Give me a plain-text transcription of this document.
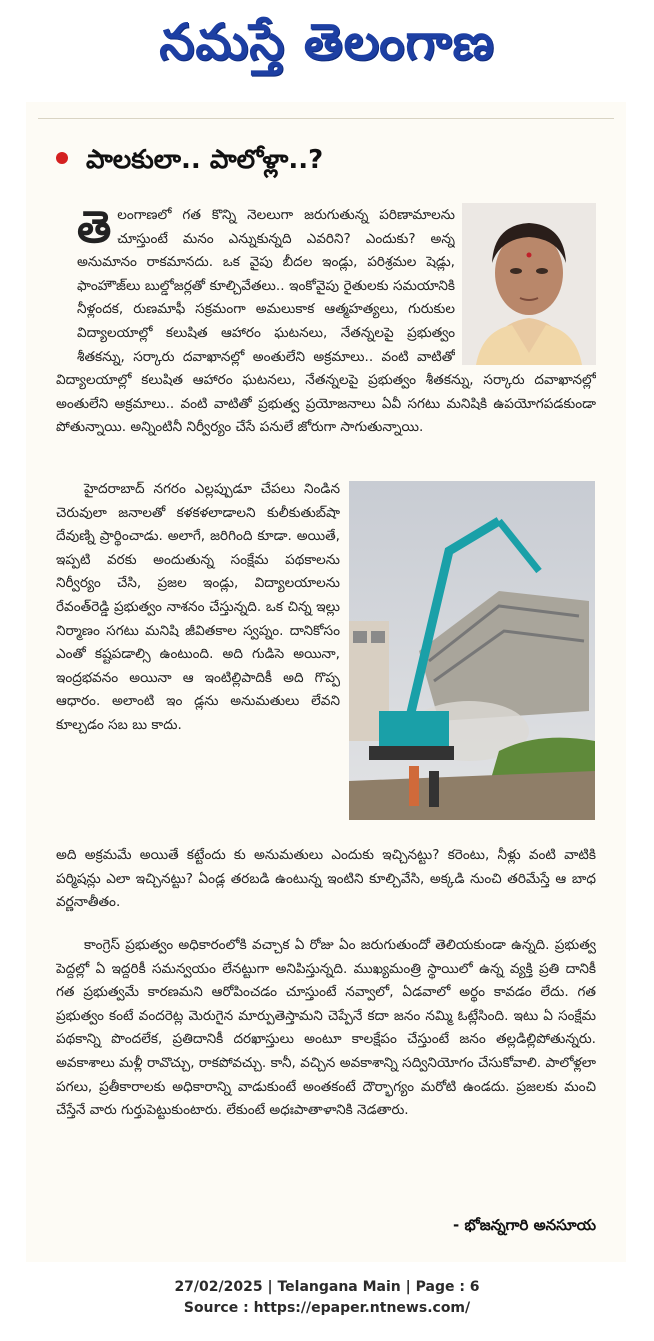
నమస్తే తెలంగాణ
పాలకులా.. పాలోళ్లా..?
తెలంగాణలో గత కొన్ని నెలలుగా జరుగుతున్న పరిణామాలను చూస్తుంటే మనం ఎన్నుకున్నది ఎవరిని? ఎందుకు? అన్న అనుమానం రాకమానదు. ఒక వైపు బీదల ఇండ్లు, పరిశ్రమల షెడ్లు, ఫాంహౌజ్‌లు బుల్డోజర్లతో కూల్చివేతలు.. ఇంకోవైపు రైతులకు సమయానికి నీళ్లందక, రుణమాఫీ సక్రమంగా అమలుకాక ఆత్మహత్యలు, గురుకుల విద్యాలయాల్లో కలుషిత ఆహారం ఘటనలు, నేతన్నలపై ప్రభుత్వం శీతకన్ను, సర్కారు దవాఖానల్లో అంతులేని అక్రమాలు.. వంటి వాటితో
విద్యాలయాల్లో కలుషిత ఆహారం ఘటనలు, నేతన్నలపై ప్రభుత్వం శీతకన్ను, సర్కారు దవాఖానల్లో అంతులేని అక్రమాలు.. వంటి వాటితో ప్రభుత్వ ప్రయోజనాలు ఏవీ సగటు మనిషికి ఉపయోగపడకుండా పోతున్నాయి. అన్నింటినీ నిర్వీర్యం చేసే పనులే జోరుగా సాగుతున్నాయి.
హైదరాబాద్ నగరం ఎల్లప్పుడూ చేపలు నిండిన చెరువులా జనాలతో కళకళలాడాలని కులీకుతుబ్‌షా దేవుణ్ని ప్రార్థించాడు. అలాగే, జరిగింది కూడా. అయితే, ఇప్పటి వరకు అందుతున్న సంక్షేమ పథకాలను నిర్వీర్యం చేసి, ప్రజల ఇండ్లు, విద్యాలయాలను రేవంత్‌రెడ్డి ప్రభుత్వం నాశనం చేస్తున్నది. ఒక చిన్న ఇల్లు నిర్మాణం సగటు మనిషి జీవితకాల స్వప్నం. దానికోసం ఎంతో కష్టపడాల్సి ఉంటుంది. అది గుడిసె అయినా, ఇంద్రభవనం అయినా ఆ ఇంటిల్లిపాదికీ అది గొప్ప ఆధారం. అలాంటి ఇం డ్లను అనుమతులు లేవని కూల్చడం సబ బు కాదు.
అది అక్రమమే అయితే కట్టేందు కు అనుమతులు ఎందుకు ఇచ్చినట్టు? కరెంటు, నీళ్లు వంటి వాటికి పర్మిషన్లు ఎలా ఇచ్చినట్టు? ఏండ్ల తరబడి ఉంటున్న ఇంటిని కూల్చివేసి, అక్కడి నుంచి తరిమేస్తే ఆ బాధ వర్ణనాతీతం.
కాంగ్రెస్ ప్రభుత్వం అధికారంలోకి వచ్చాక ఏ రోజు ఏం జరుగుతుందో తెలియకుండా ఉన్నది. ప్రభుత్వ పెద్దల్లో ఏ ఇద్దరికీ సమన్వయం లేనట్టుగా అనిపిస్తున్నది. ముఖ్యమంత్రి స్థాయిలో ఉన్న వ్యక్తి ప్రతి దానికీ గత ప్రభుత్వమే కారణమని ఆరోపించడం చూస్తుంటే నవ్వాలో, ఏడవాలో అర్థం కావడం లేదు. గత ప్రభుత్వం కంటే వందరెట్ల మెరుగైన మార్పుతెస్తామని చెప్పేనే కదా జనం నమ్మి ఓట్లేసింది. ఇటు ఏ సంక్షేమ పథకాన్ని పొందలేక, ప్రతిదానికీ దరఖాస్తులు అంటూ కాలక్షేపం చేస్తుంటే జనం తల్లడిల్లిపోతున్నరు. అవకాశాలు మళ్లీ రావొచ్చు, రాకపోవచ్చు. కానీ, వచ్చిన అవకాశాన్ని సద్వినియోగం చేసుకోవాలి. పాలోళ్లలా పగలు, ప్రతీకారాలకు అధికారాన్ని వాడుకుంటే అంతకంటే దౌర్భాగ్యం మరోటి ఉండదు. ప్రజలకు మంచి చేస్తేనే వారు గుర్తుపెట్టుకుంటారు. లేకుంటే అధఃపాతాళానికి నెడతారు.
- భోజన్నగారి అనసూయ
27/02/2025 | Telangana Main | Page : 6
Source : https://epaper.ntnews.com/
